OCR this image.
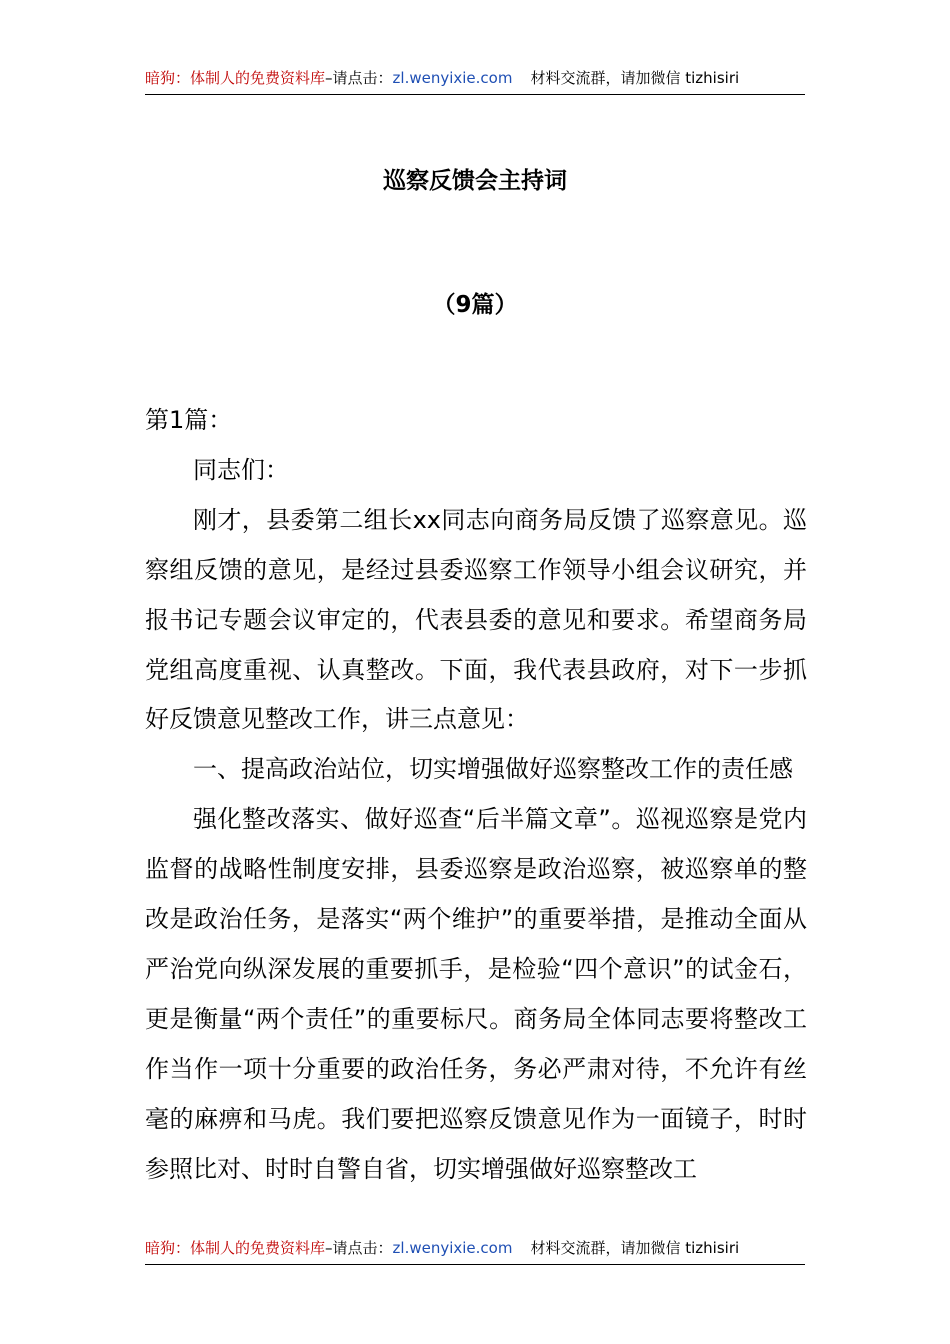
暗狗：体制人的免费资料库–请点击：zl.wenyixie.com 材料交流群，请加微信 tizhisiri
巡察反馈会主持词
（9篇）

第1篇：

同志们：

刚才，县委第二组长xx同志向商务局反馈了巡察意见。巡察组反馈的意见，是经过县委巡察工作领导小组会议研究，并报书记专题会议审定的，代表县委的意见和要求。希望商务局党组高度重视、认真整改。下面，我代表县政府，对下一步抓好反馈意见整改工作，讲三点意见：

一、提高政治站位，切实增强做好巡察整改工作的责任感

强化整改落实、做好巡查“后半篇文章”。巡视巡察是党内监督的战略性制度安排，县委巡察是政治巡察，被巡察单的整改是政治任务，是落实“两个维护”的重要举措，是推动全面从严治党向纵深发展的重要抓手，是检验“四个意识”的试金石，更是衡量“两个责任”的重要标尺。商务局全体同志要将整改工作当作一项十分重要的政治任务，务必严肃对待，不允许有丝毫的麻痹和马虎。我们要把巡察反馈意见作为一面镜子，时时参照比对、时时自警自省，切实增强做好巡察整改工

暗狗：体制人的免费资料库–请点击：zl.wenyixie.com 材料交流群，请加微信 tizhisiri
